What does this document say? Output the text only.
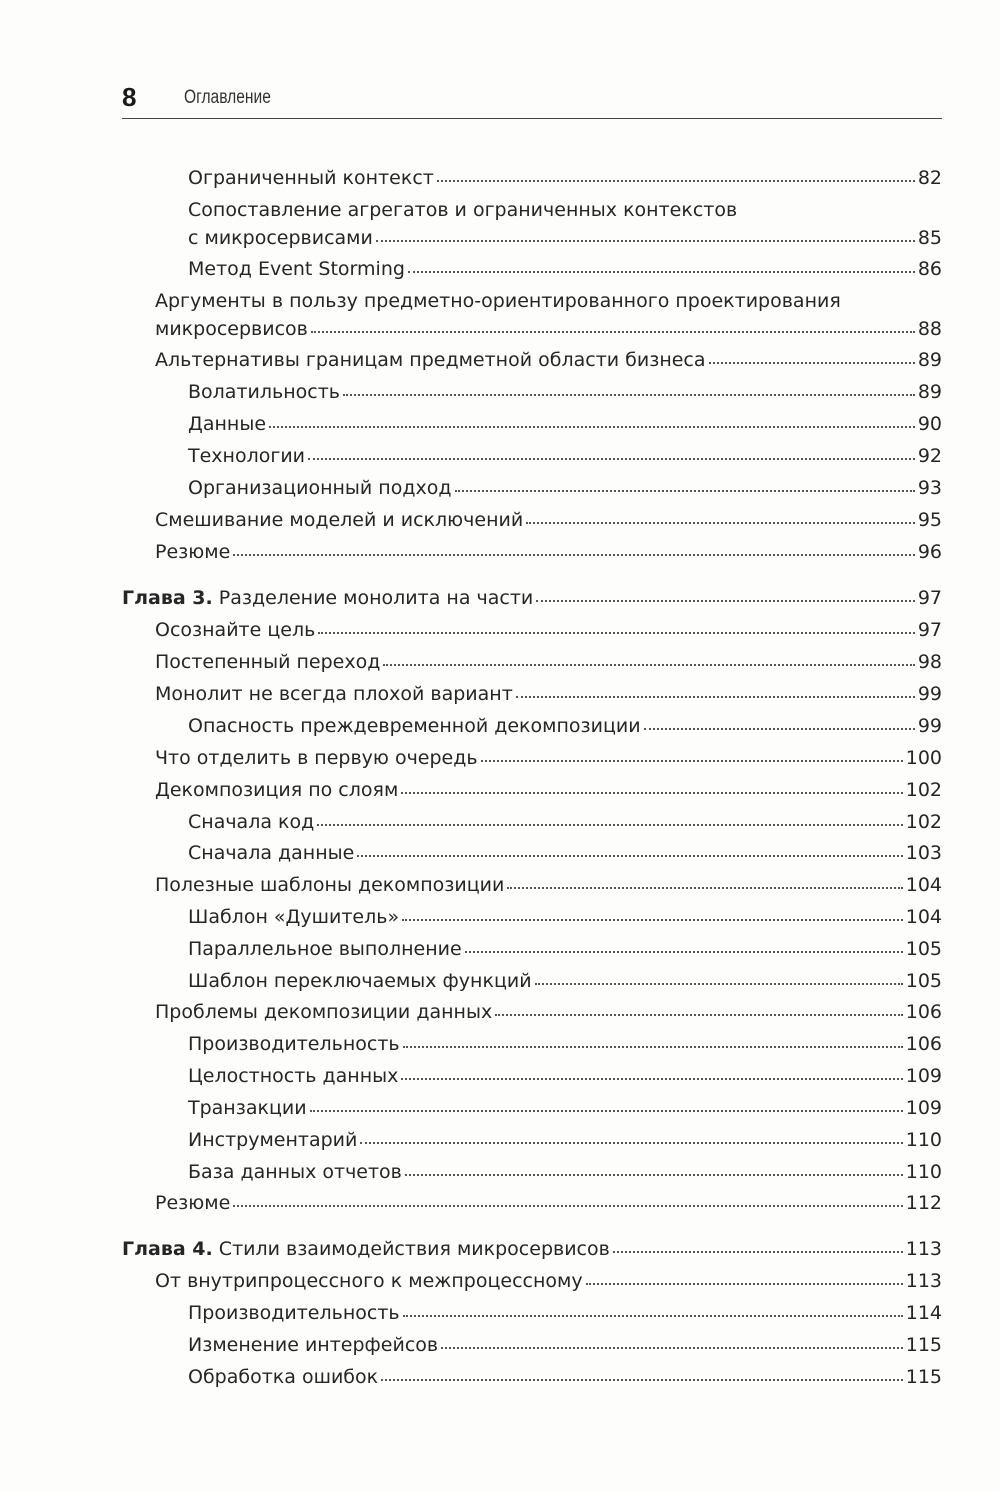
8	Оглавление
Ограниченный контекст	82
Сопоставление агрегатов и ограниченных контекстов
с микросервисами	85
Метод Event Storming	86
Аргументы в пользу предметно-ориентированного проектирования
микросервисов	88
Альтернативы границам предметной области бизнеса	89
Волатильность	89
Данные	90
Технологии	92
Организационный подход	93
Смешивание моделей и исключений	95
Резюме	96
Глава 3. Разделение монолита на части	97
Осознайте цель	97
Постепенный переход	98
Монолит не всегда плохой вариант	99
Опасность преждевременной декомпозиции	99
Что отделить в первую очередь	100
Декомпозиция по слоям	102
Сначала код	102
Сначала данные	103
Полезные шаблоны декомпозиции	104
Шаблон «Душитель»	104
Параллельное выполнение	105
Шаблон переключаемых функций	105
Проблемы декомпозиции данных	106
Производительность	106
Целостность данных	109
Транзакции	109
Инструментарий	110
База данных отчетов	110
Резюме	112
Глава 4. Стили взаимодействия микросервисов	113
От внутрипроцессного к межпроцессному	113
Производительность	114
Изменение интерфейсов	115
Обработка ошибок	115
